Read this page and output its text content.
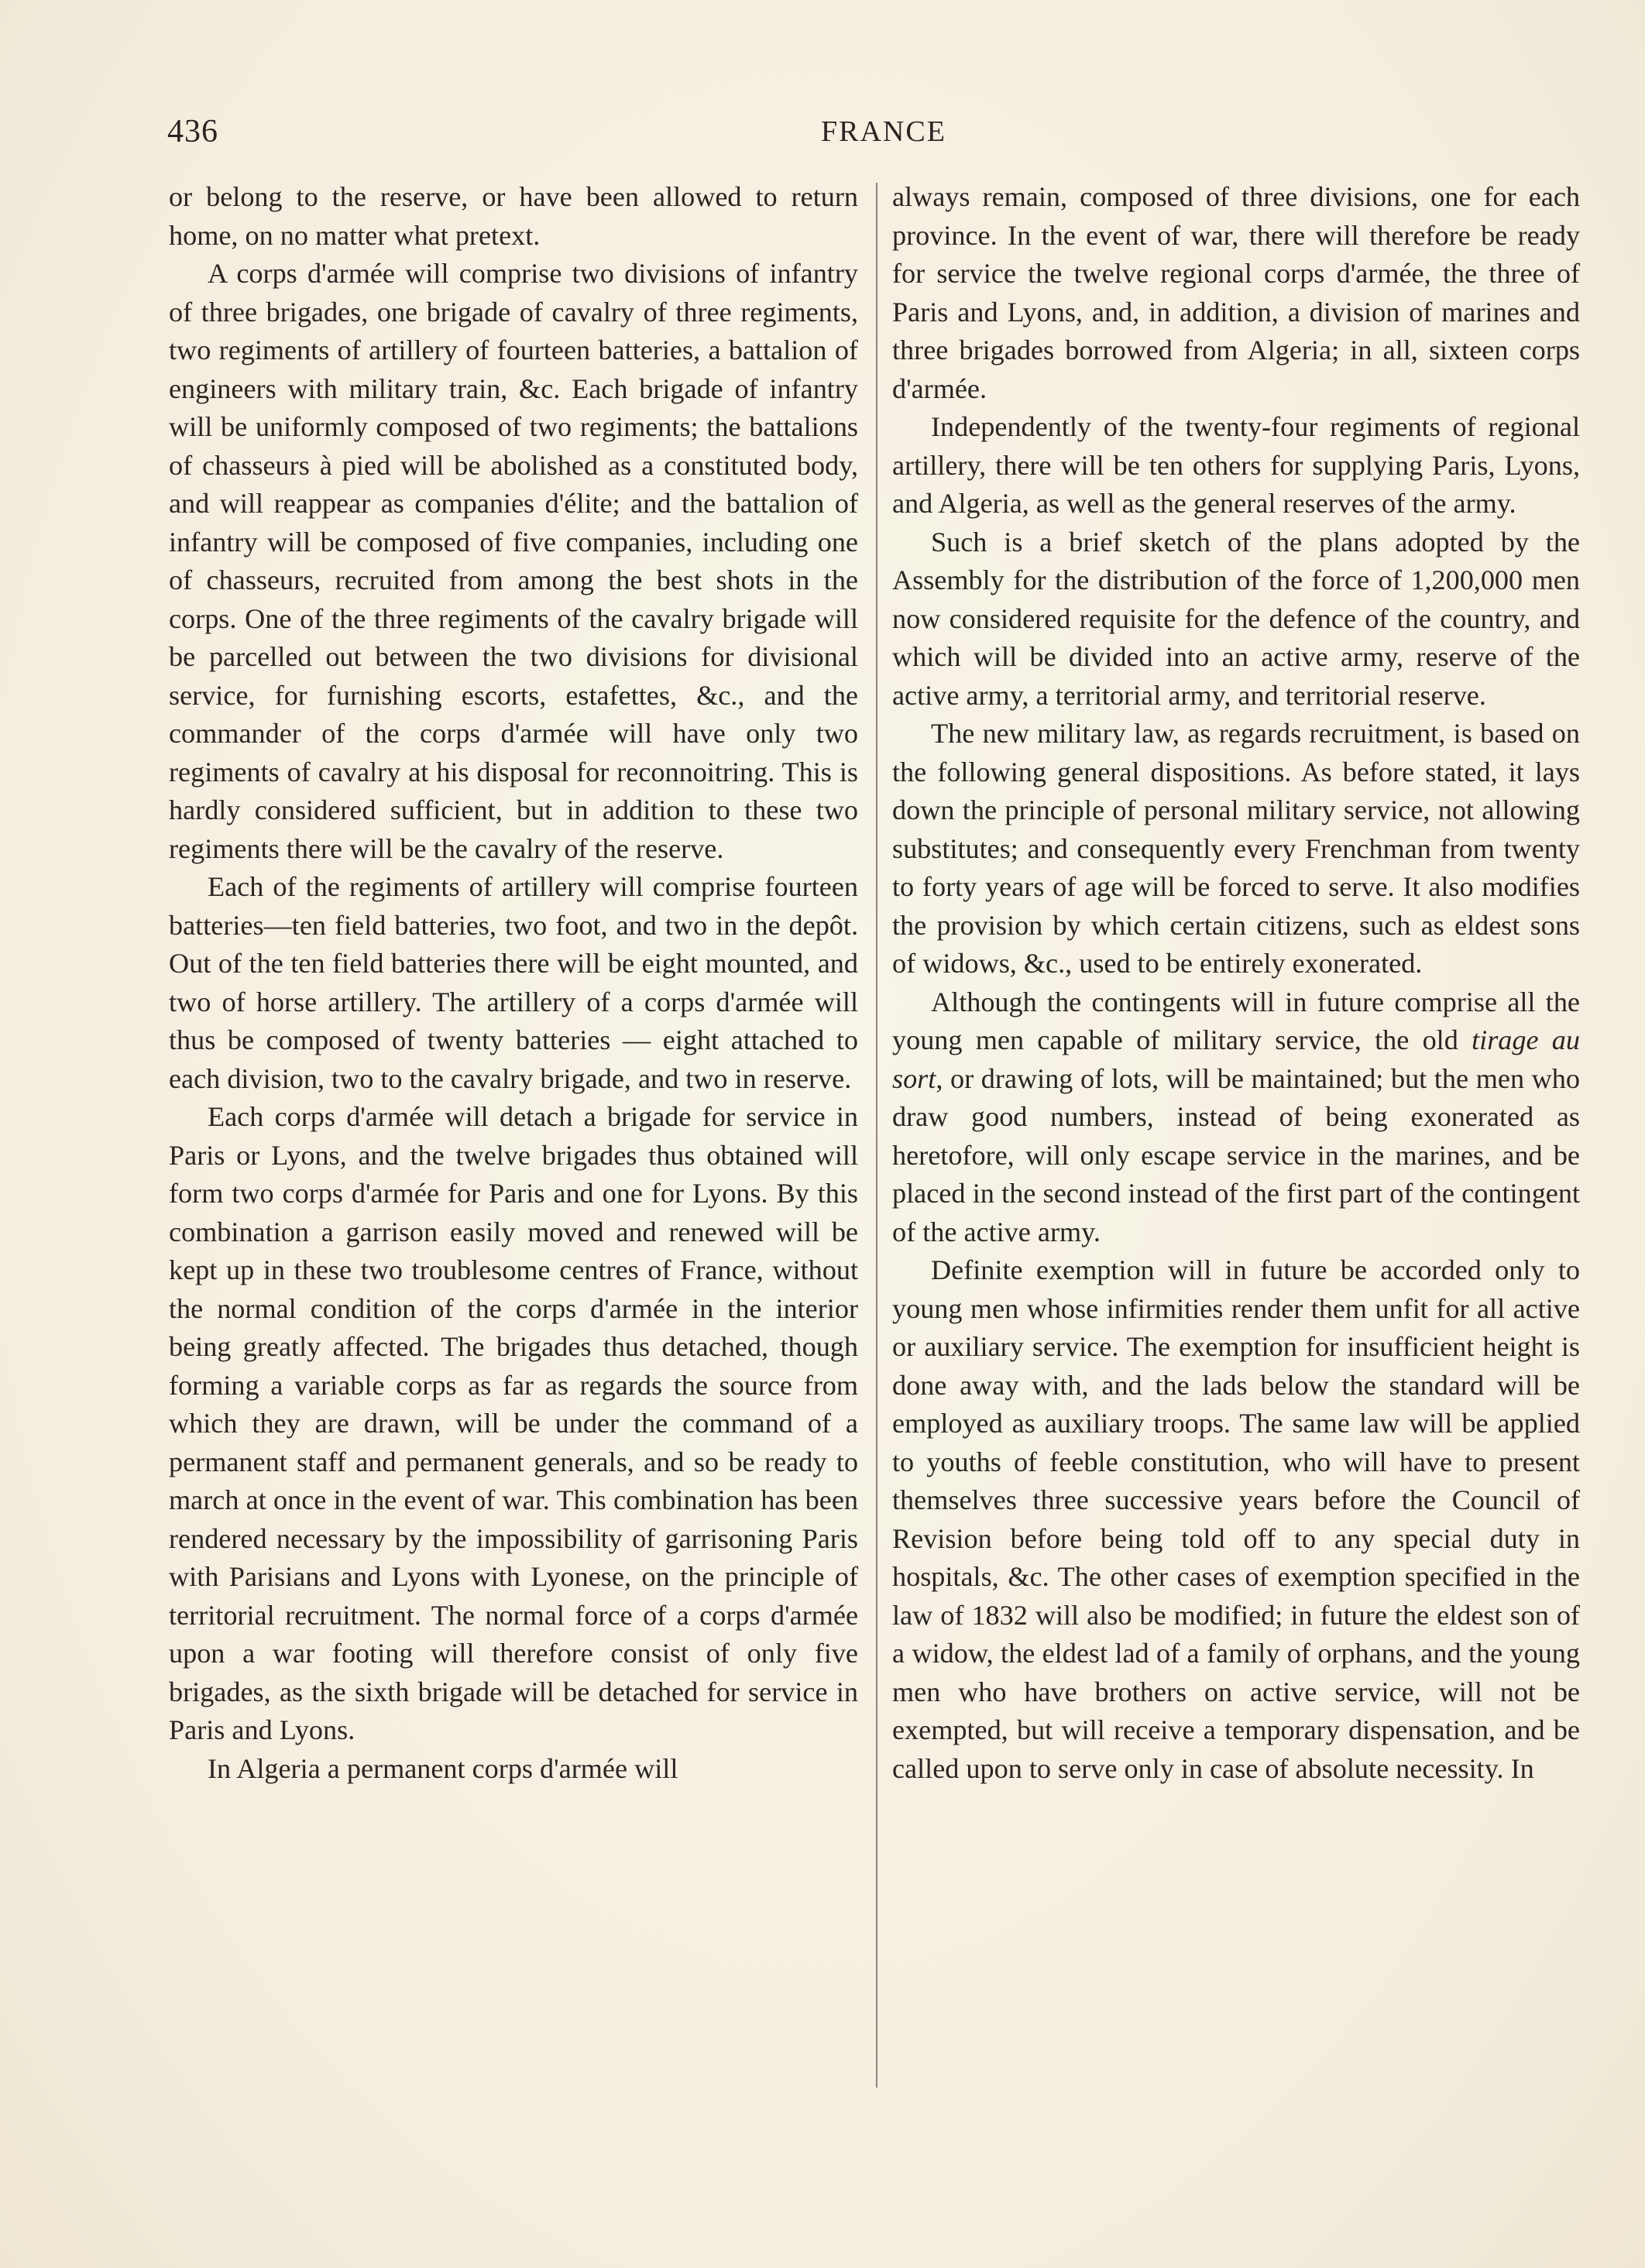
436	FRANCE

or belong to the reserve, or have been allowed to return home, on no matter what pretext.

A corps d'armée will comprise two divisions of infantry of three brigades, one brigade of cavalry of three regiments, two regiments of artillery of fourteen batteries, a battalion of engineers with military train, &c. Each brigade of infantry will be uniformly composed of two regiments; the battalions of chasseurs à pied will be abolished as a constituted body, and will reappear as companies d'élite; and the battalion of infantry will be composed of five companies, including one of chasseurs, recruited from among the best shots in the corps. One of the three regiments of the cavalry brigade will be parcelled out between the two divisions for divisional service, for furnishing escorts, estafettes, &c., and the commander of the corps d'armée will have only two regiments of cavalry at his disposal for reconnoitring. This is hardly considered sufficient, but in addition to these two regiments there will be the cavalry of the reserve.

Each of the regiments of artillery will comprise fourteen batteries—ten field batteries, two foot, and two in the depôt. Out of the ten field batteries there will be eight mounted, and two of horse artillery. The artillery of a corps d'armée will thus be composed of twenty batteries — eight attached to each division, two to the cavalry brigade, and two in reserve.

Each corps d'armée will detach a brigade for service in Paris or Lyons, and the twelve brigades thus obtained will form two corps d'armée for Paris and one for Lyons. By this combination a garrison easily moved and renewed will be kept up in these two troublesome centres of France, without the normal condition of the corps d'armée in the interior being greatly affected. The brigades thus detached, though forming a variable corps as far as regards the source from which they are drawn, will be under the command of a permanent staff and permanent generals, and so be ready to march at once in the event of war. This combination has been rendered necessary by the impossibility of garrisoning Paris with Parisians and Lyons with Lyonese, on the principle of territorial recruitment. The normal force of a corps d'armée upon a war footing will therefore consist of only five brigades, as the sixth brigade will be detached for service in Paris and Lyons.

In Algeria a permanent corps d'armée will

always remain, composed of three divisions, one for each province. In the event of war, there will therefore be ready for service the twelve regional corps d'armée, the three of Paris and Lyons, and, in addition, a division of marines and three brigades borrowed from Algeria; in all, sixteen corps d'armée.

Independently of the twenty-four regiments of regional artillery, there will be ten others for supplying Paris, Lyons, and Algeria, as well as the general reserves of the army.

Such is a brief sketch of the plans adopted by the Assembly for the distribution of the force of 1,200,000 men now considered requisite for the defence of the country, and which will be divided into an active army, reserve of the active army, a territorial army, and territorial reserve.

The new military law, as regards recruitment, is based on the following general dispositions. As before stated, it lays down the principle of personal military service, not allowing substitutes; and consequently every Frenchman from twenty to forty years of age will be forced to serve. It also modifies the provision by which certain citizens, such as eldest sons of widows, &c., used to be entirely exonerated.

Although the contingents will in future comprise all the young men capable of military service, the old tirage au sort, or drawing of lots, will be maintained; but the men who draw good numbers, instead of being exonerated as heretofore, will only escape service in the marines, and be placed in the second instead of the first part of the contingent of the active army.

Definite exemption will in future be accorded only to young men whose infirmities render them unfit for all active or auxiliary service. The exemption for insufficient height is done away with, and the lads below the standard will be employed as auxiliary troops. The same law will be applied to youths of feeble constitution, who will have to present themselves three successive years before the Council of Revision before being told off to any special duty in hospitals, &c. The other cases of exemption specified in the law of 1832 will also be modified; in future the eldest son of a widow, the eldest lad of a family of orphans, and the young men who have brothers on active service, will not be exempted, but will receive a temporary dispensation, and be called upon to serve only in case of absolute necessity. In
